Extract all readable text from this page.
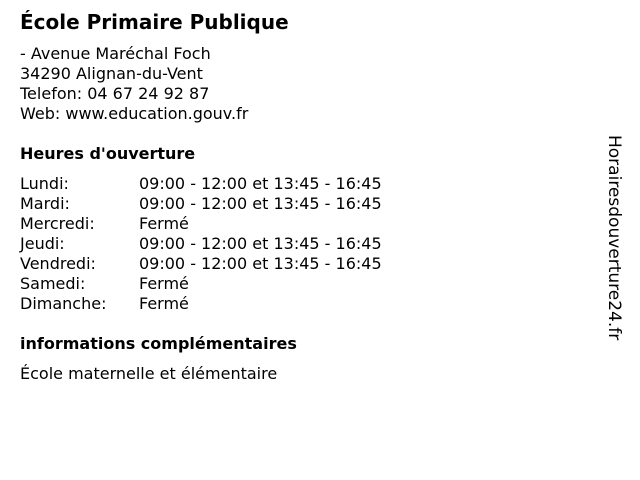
École Primaire Publique
- Avenue Maréchal Foch
34290 Alignan-du-Vent
Telefon: 04 67 24 92 87
Web: www.education.gouv.fr
Heures d'ouverture
Lundi:	09:00 - 12:00 et 13:45 - 16:45
Mardi:	09:00 - 12:00 et 13:45 - 16:45
Mercredi:	Fermé
Jeudi:	09:00 - 12:00 et 13:45 - 16:45
Vendredi:	09:00 - 12:00 et 13:45 - 16:45
Samedi:	Fermé
Dimanche:	Fermé
informations complémentaires
École maternelle et élémentaire
Horairesdouverture24.fr
